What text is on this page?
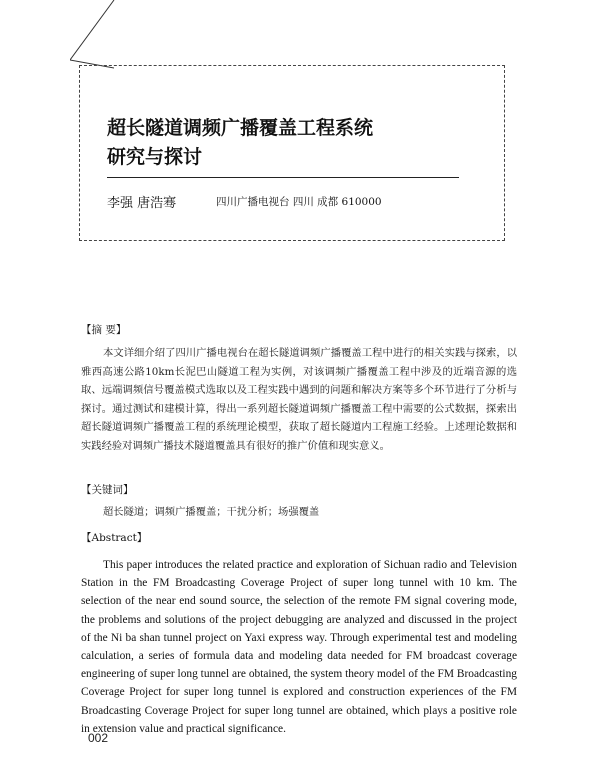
超长隧道调频广播覆盖工程系统
研究与探讨
李强 唐浩骞	四川广播电视台 四川 成都 610000
【摘 要】

本文详细介绍了四川广播电视台在超长隧道调频广播覆盖工程中进行的相关实践与探索，以雅西高速公路10km长泥巴山隧道工程为实例，对该调频广播覆盖工程中涉及的近端音源的选取、远端调频信号覆盖模式选取以及工程实践中遇到的问题和解决方案等多个环节进行了分析与探讨。通过测试和建模计算，得出一系列超长隧道调频广播覆盖工程中需要的公式数据，探索出超长隧道调频广播覆盖工程的系统理论模型，获取了超长隧道内工程施工经验。上述理论数据和实践经验对调频广播技术隧道覆盖具有很好的推广价值和现实意义。

【关键词】
超长隧道；调频广播覆盖；干扰分析；场强覆盖
【Abstract】

This paper introduces the related practice and exploration of Sichuan radio and Television Station in the FM Broadcasting Coverage Project of super long tunnel with 10 km. The selection of the near end sound source, the selection of the remote FM signal covering mode, the problems and solutions of the project debugging are analyzed and discussed in the project of the Ni ba shan tunnel project on Yaxi express way. Through experimental test and modeling calculation, a series of formula data and modeling data needed for FM broadcast coverage engineering of super long tunnel are obtained, the system theory model of the FM Broadcasting Coverage Project for super long tunnel is explored and construction experiences of the FM Broadcasting Coverage Project for super long tunnel are obtained, which plays a positive role in extension value and practical significance.

002
